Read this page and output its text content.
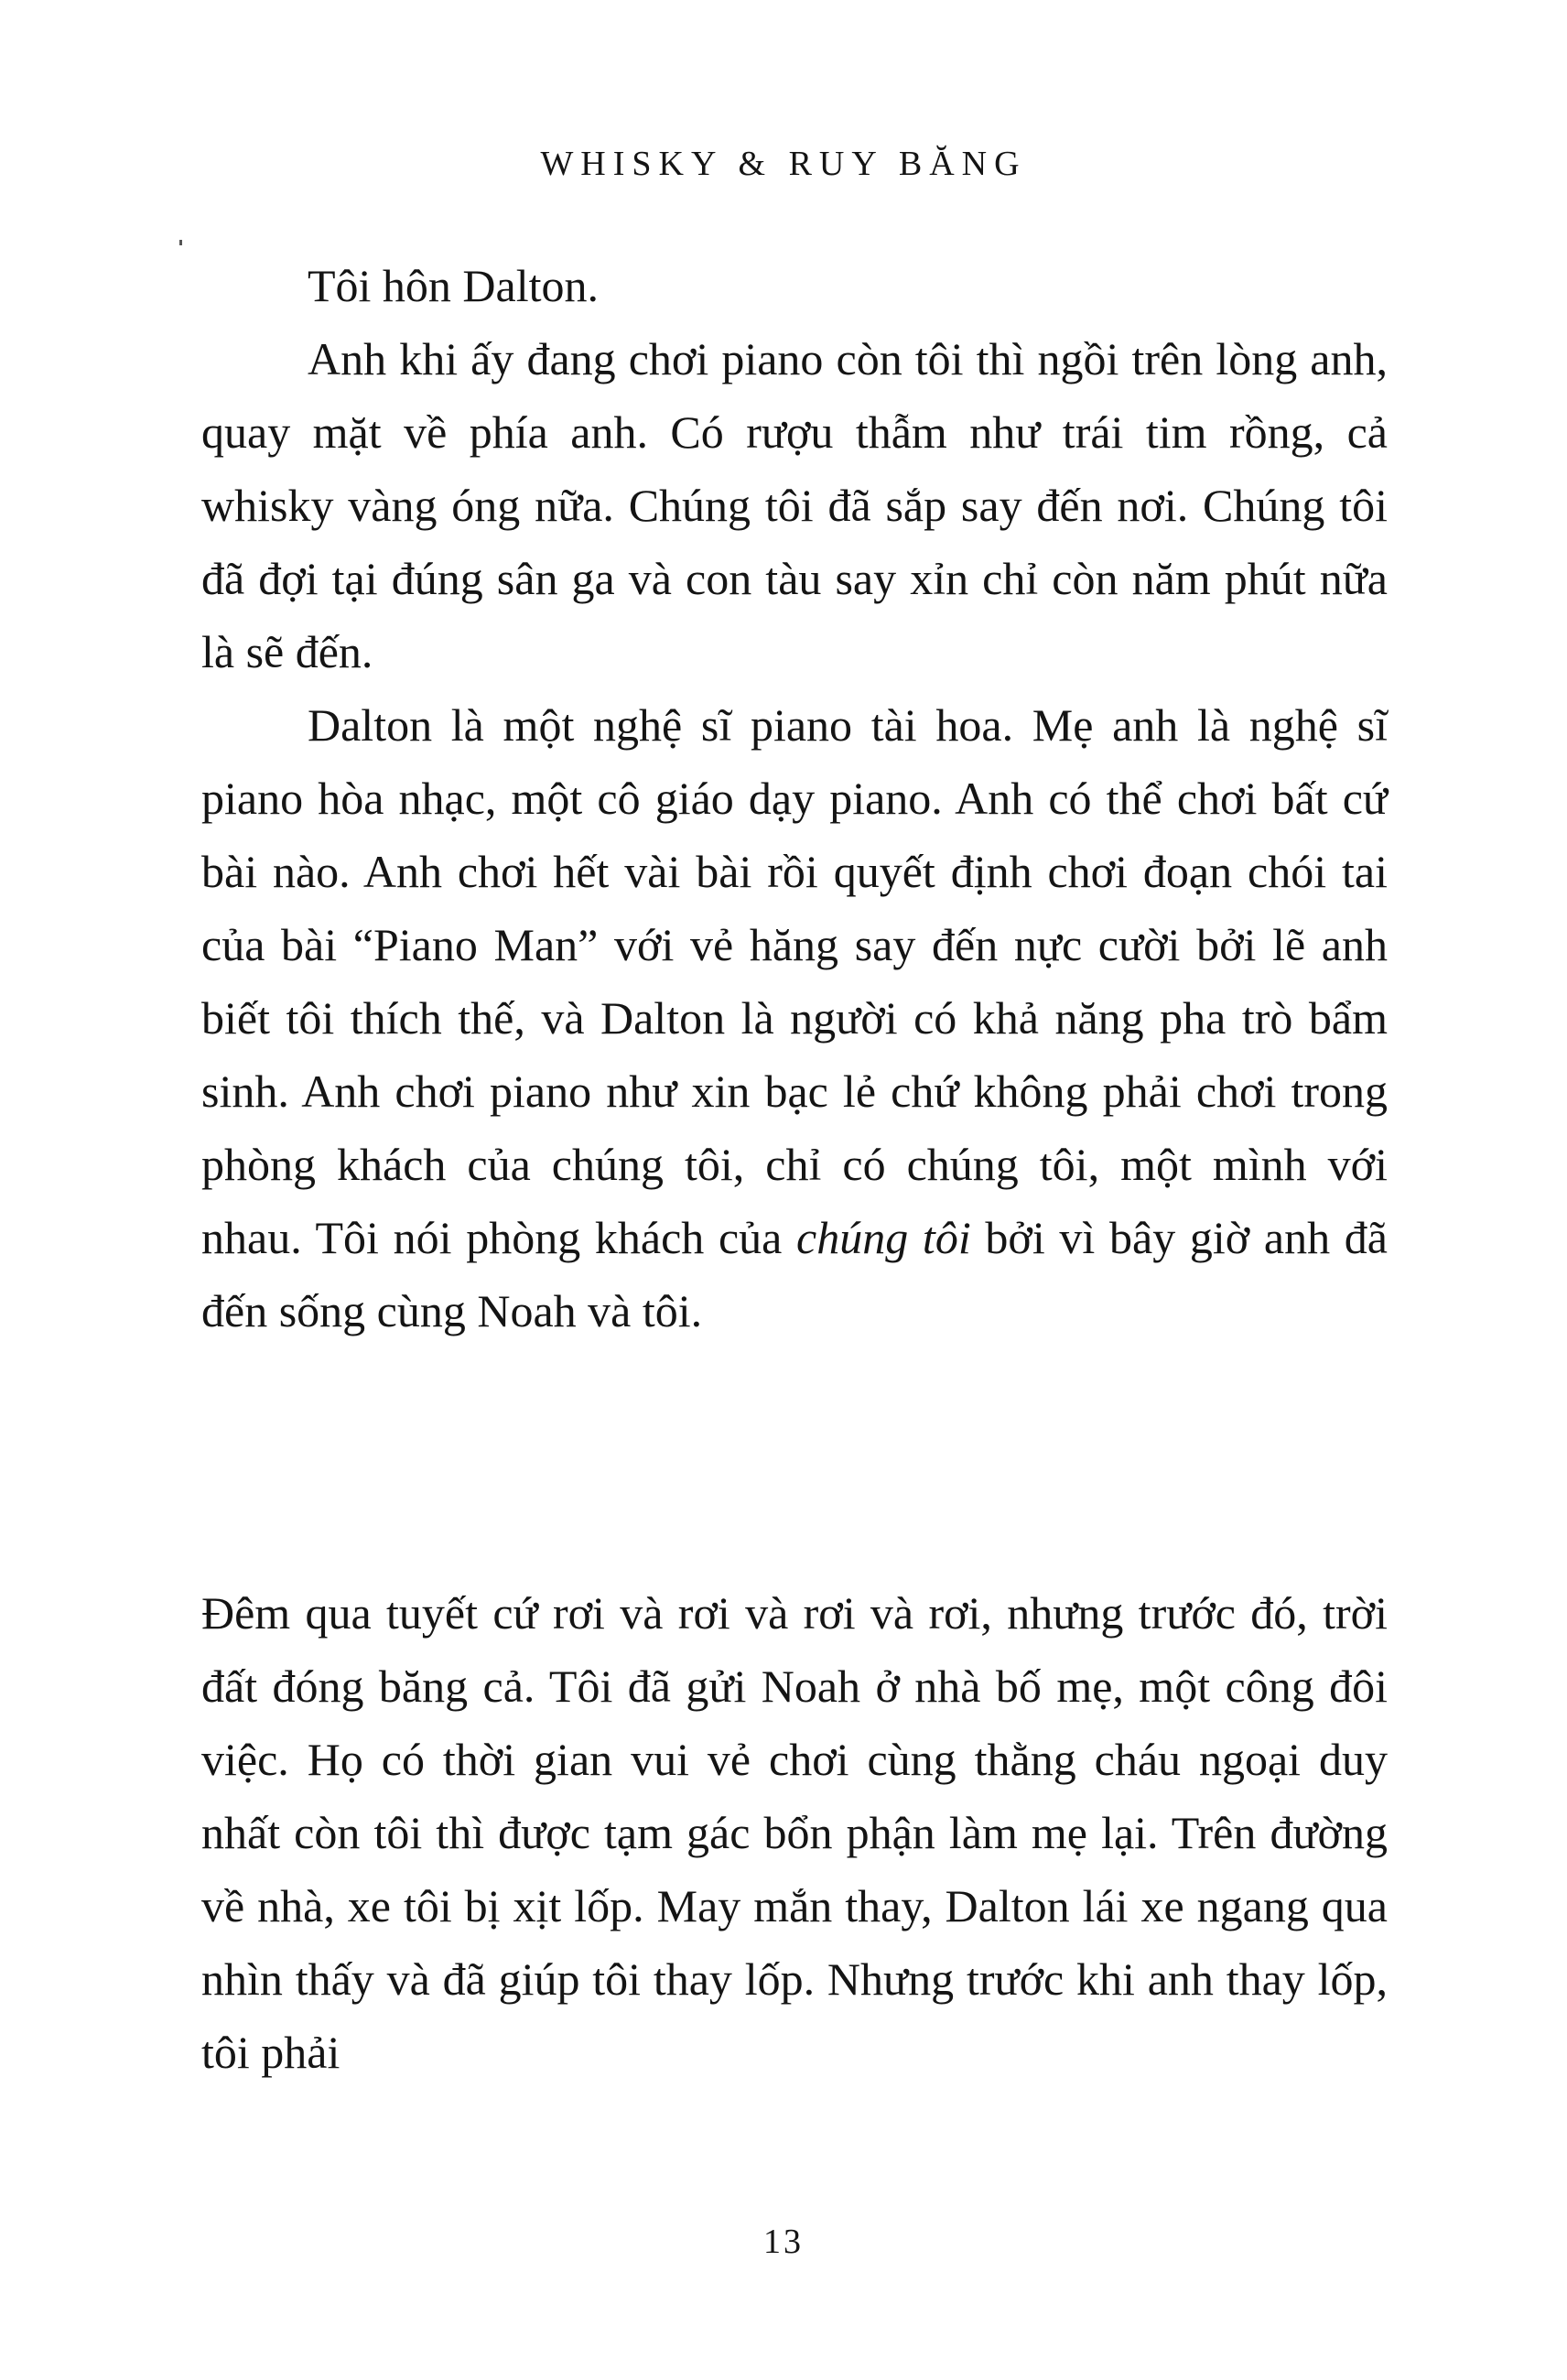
WHISKY & RUY BĂNG

Tôi hôn Dalton.

Anh khi ấy đang chơi piano còn tôi thì ngồi trên lòng anh, quay mặt về phía anh. Có rượu thẫm như trái tim rồng, cả whisky vàng óng nữa. Chúng tôi đã sắp say đến nơi. Chúng tôi đã đợi tại đúng sân ga và con tàu say xỉn chỉ còn năm phút nữa là sẽ đến.

Dalton là một nghệ sĩ piano tài hoa. Mẹ anh là nghệ sĩ piano hòa nhạc, một cô giáo dạy piano. Anh có thể chơi bất cứ bài nào. Anh chơi hết vài bài rồi quyết định chơi đoạn chói tai của bài “Piano Man” với vẻ hăng say đến nực cười bởi lẽ anh biết tôi thích thế, và Dalton là người có khả năng pha trò bẩm sinh. Anh chơi piano như xin bạc lẻ chứ không phải chơi trong phòng khách của chúng tôi, chỉ có chúng tôi, một mình với nhau. Tôi nói phòng khách của chúng tôi bởi vì bây giờ anh đã đến sống cùng Noah và tôi.

Đêm qua tuyết cứ rơi và rơi và rơi và rơi, nhưng trước đó, trời đất đóng băng cả. Tôi đã gửi Noah ở nhà bố mẹ, một công đôi việc. Họ có thời gian vui vẻ chơi cùng thằng cháu ngoại duy nhất còn tôi thì được tạm gác bổn phận làm mẹ lại. Trên đường về nhà, xe tôi bị xịt lốp. May mắn thay, Dalton lái xe ngang qua nhìn thấy và đã giúp tôi thay lốp. Nhưng trước khi anh thay lốp, tôi phải

13
